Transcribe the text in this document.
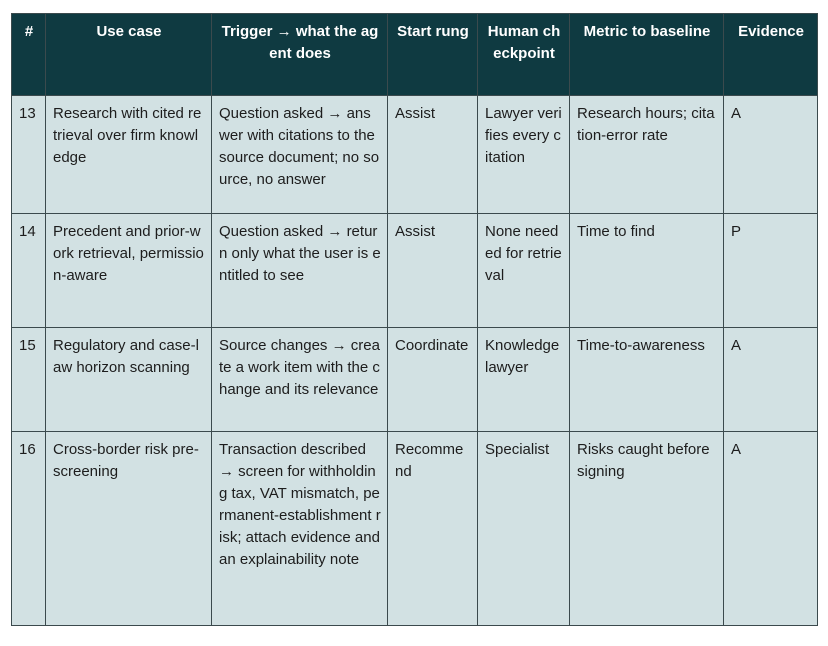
#	Use case	Trigger → what the agent does	Start rung	Human checkpoint	Metric to baseline	Evidence
13	Research with cited retrieval over firm knowledge	Question asked → answer with citations to the source document; no source, no answer	Assist	Lawyer verifies every citation	Research hours; citation-error rate	A
14	Precedent and prior-work retrieval, permission-aware	Question asked → return only what the user is entitled to see	Assist	None needed for retrieval	Time to find	P
15	Regulatory and case-law horizon scanning	Source changes → create a work item with the change and its relevance	Coordinate	Knowledge lawyer	Time-to-awareness	A
16	Cross-border risk pre-screening	Transaction described → screen for withholding tax, VAT mismatch, permanent-establishment risk; attach evidence and an explainability note	Recommend	Specialist	Risks caught before signing	A
